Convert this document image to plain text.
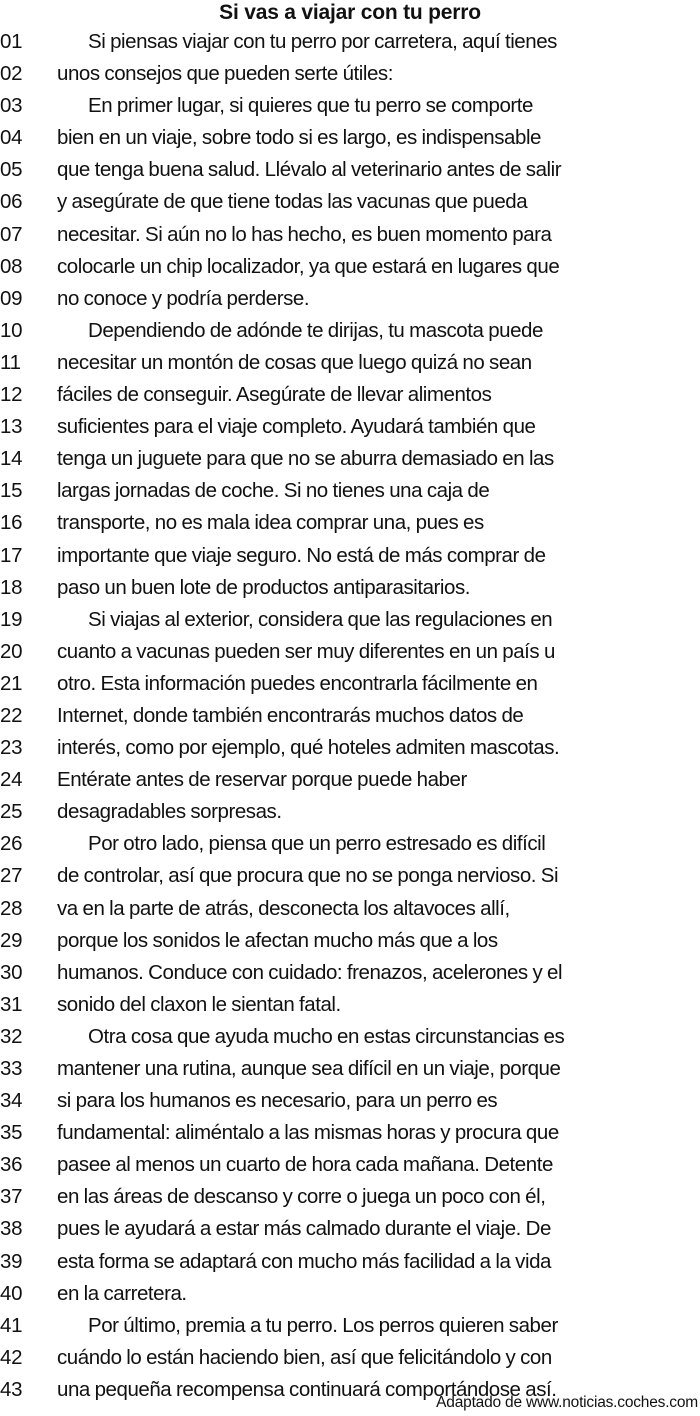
Si vas a viajar con tu perro
01	Si piensas viajar con tu perro por carretera, aquí tienes
02	unos consejos que pueden serte útiles:
03	En primer lugar, si quieres que tu perro se comporte
04	bien en un viaje, sobre todo si es largo, es indispensable
05	que tenga buena salud. Llévalo al veterinario antes de salir
06	y asegúrate de que tiene todas las vacunas que pueda
07	necesitar. Si aún no lo has hecho, es buen momento para
08	colocarle un chip localizador, ya que estará en lugares que
09	no conoce y podría perderse.
10	Dependiendo de adónde te dirijas, tu mascota puede
11	necesitar un montón de cosas que luego quizá no sean
12	fáciles de conseguir. Asegúrate de llevar alimentos
13	suficientes para el viaje completo. Ayudará también que
14	tenga un juguete para que no se aburra demasiado en las
15	largas jornadas de coche. Si no tienes una caja de
16	transporte, no es mala idea comprar una, pues es
17	importante que viaje seguro. No está de más comprar de
18	paso un buen lote de productos antiparasitarios.
19	Si viajas al exterior, considera que las regulaciones en
20	cuanto a vacunas pueden ser muy diferentes en un país u
21	otro. Esta información puedes encontrarla fácilmente en
22	Internet, donde también encontrarás muchos datos de
23	interés, como por ejemplo, qué hoteles admiten mascotas.
24	Entérate antes de reservar porque puede haber
25	desagradables sorpresas.
26	Por otro lado, piensa que un perro estresado es difícil
27	de controlar, así que procura que no se ponga nervioso. Si
28	va en la parte de atrás, desconecta los altavoces allí,
29	porque los sonidos le afectan mucho más que a los
30	humanos. Conduce con cuidado: frenazos, acelerones y el
31	sonido del claxon le sientan fatal.
32	Otra cosa que ayuda mucho en estas circunstancias es
33	mantener una rutina, aunque sea difícil en un viaje, porque
34	si para los humanos es necesario, para un perro es
35	fundamental: aliméntalo a las mismas horas y procura que
36	pasee al menos un cuarto de hora cada mañana. Detente
37	en las áreas de descanso y corre o juega un poco con él,
38	pues le ayudará a estar más calmado durante el viaje. De
39	esta forma se adaptará con mucho más facilidad a la vida
40	en la carretera.
41	Por último, premia a tu perro. Los perros quieren saber
42	cuándo lo están haciendo bien, así que felicitándolo y con
43	una pequeña recompensa continuará comportándose así.
Adaptado de www.noticias.coches.com
